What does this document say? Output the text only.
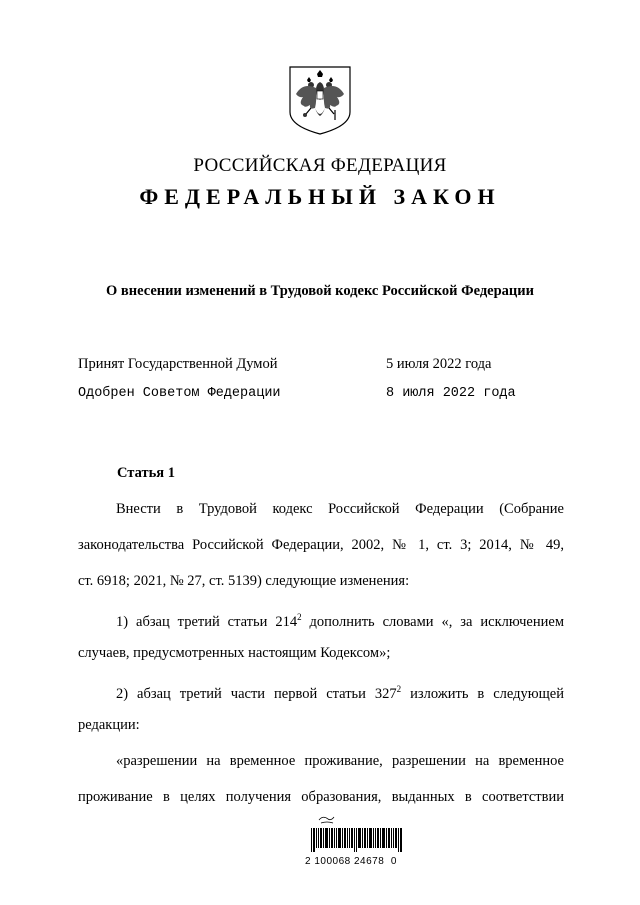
РОССИЙСКАЯ ФЕДЕРАЦИЯ
ФЕДЕРАЛЬНЫЙ ЗАКОН
О внесении изменений в Трудовой кодекс Российской Федерации
Принят Государственной Думой	5 июля 2022 года
Одобрен Советом Федерации	8 июля 2022 года
Статья 1
Внести в Трудовой кодекс Российской Федерации (Собрание
законодательства Российской Федерации, 2002, № 1, ст. 3; 2014, № 49,
ст. 6918; 2021, № 27, ст. 5139) следующие изменения:
1) абзац третий статьи $214^2$ дополнить словами «, за исключением
случаев, предусмотренных настоящим Кодексом»;
2) абзац третий части первой статьи $327^2$ изложить в следующей
редакции:
«разрешении на временное проживание, разрешении на временное
проживание в целях получения образования, выданных в соответствии
2 100068 24678  0
